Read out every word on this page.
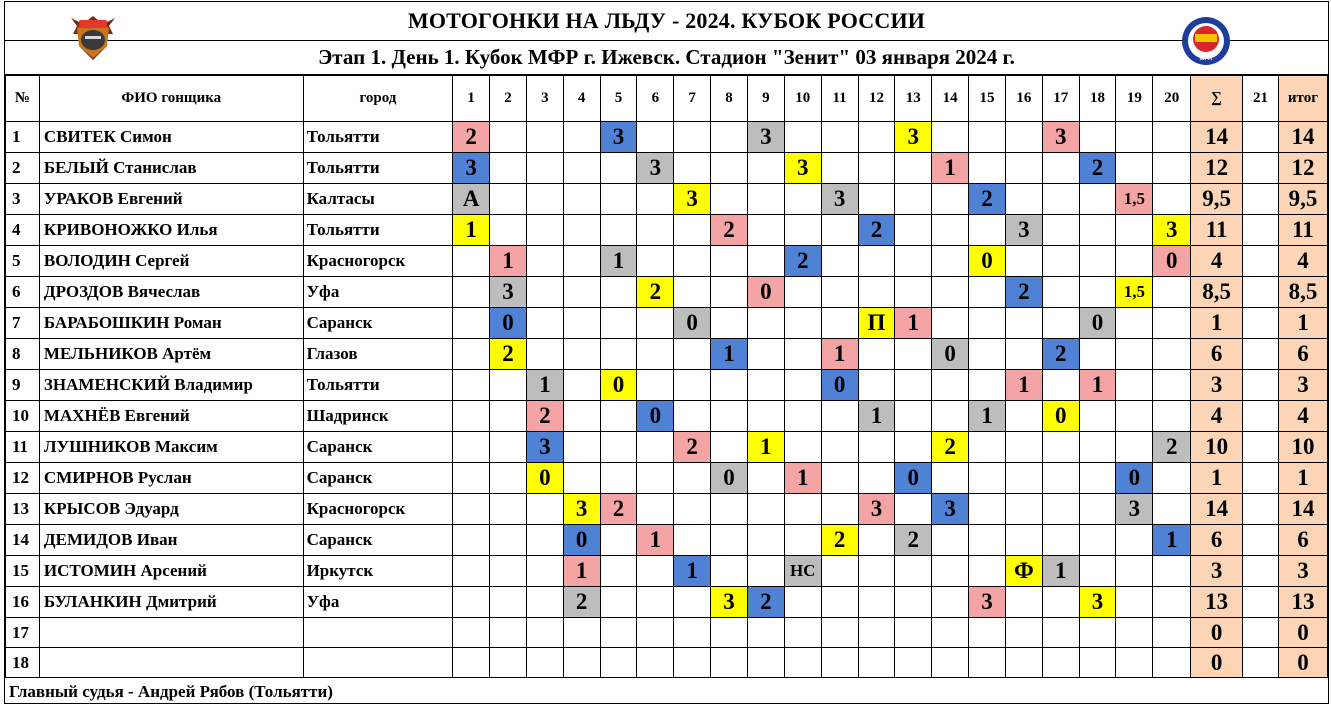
МОТОГОНКИ НА ЛЬДУ - 2024. КУБОК РОССИИ
Этап 1. День 1. Кубок МФР г. Ижевск. Стадион "Зенит" 03 января 2024 г.	MFR
№	ФИО гонщика	город	1	2	3	4	5	6	7	8	9	10	11	12	13	14	15	16	17	18	19	20	∑	21	итог
1	СВИТЕК Симон	Тольятти	2				3				3				3				3				14		14
2	БЕЛЫЙ Станислав	Тольятти	3					3				3				1				2			12		12
3	УРАКОВ Евгений	Калтасы	А						3				3				2				1,5		9,5		9,5
4	КРИВОНОЖКО Илья	Тольятти	1							2				2				3				3	11		11
5	ВОЛОДИН Сергей	Красногорск		1			1					2					0					0	4		4
6	ДРОЗДОВ Вячеслав	Уфа		3				2			0							2			1,5		8,5		8,5
7	БАРАБОШКИН Роман	Саранск		0					0					П	1					0			1		1
8	МЕЛЬНИКОВ Артём	Глазов		2						1			1			0			2				6		6
9	ЗНАМЕНСКИЙ Владимир	Тольятти			1		0						0					1		1			3		3
10	МАХНЁВ Евгений	Шадринск			2			0						1			1		0				4		4
11	ЛУШНИКОВ Максим	Саранск			3				2		1					2						2	10		10
12	СМИРНОВ Руслан	Саранск			0					0		1			0						0		1		1
13	КРЫСОВ Эдуард	Красногорск				3	2							3		3					3		14		14
14	ДЕМИДОВ Иван	Саранск				0		1					2		2							1	6		6
15	ИСТОМИН Арсений	Иркутск				1			1			НС						Ф	1				3		3
16	БУЛАНКИН Дмитрий	Уфа				2				3	2						3			3			13		13
17																							0		0
18																							0		0
Главный судья - Андрей Рябов (Тольятти)
